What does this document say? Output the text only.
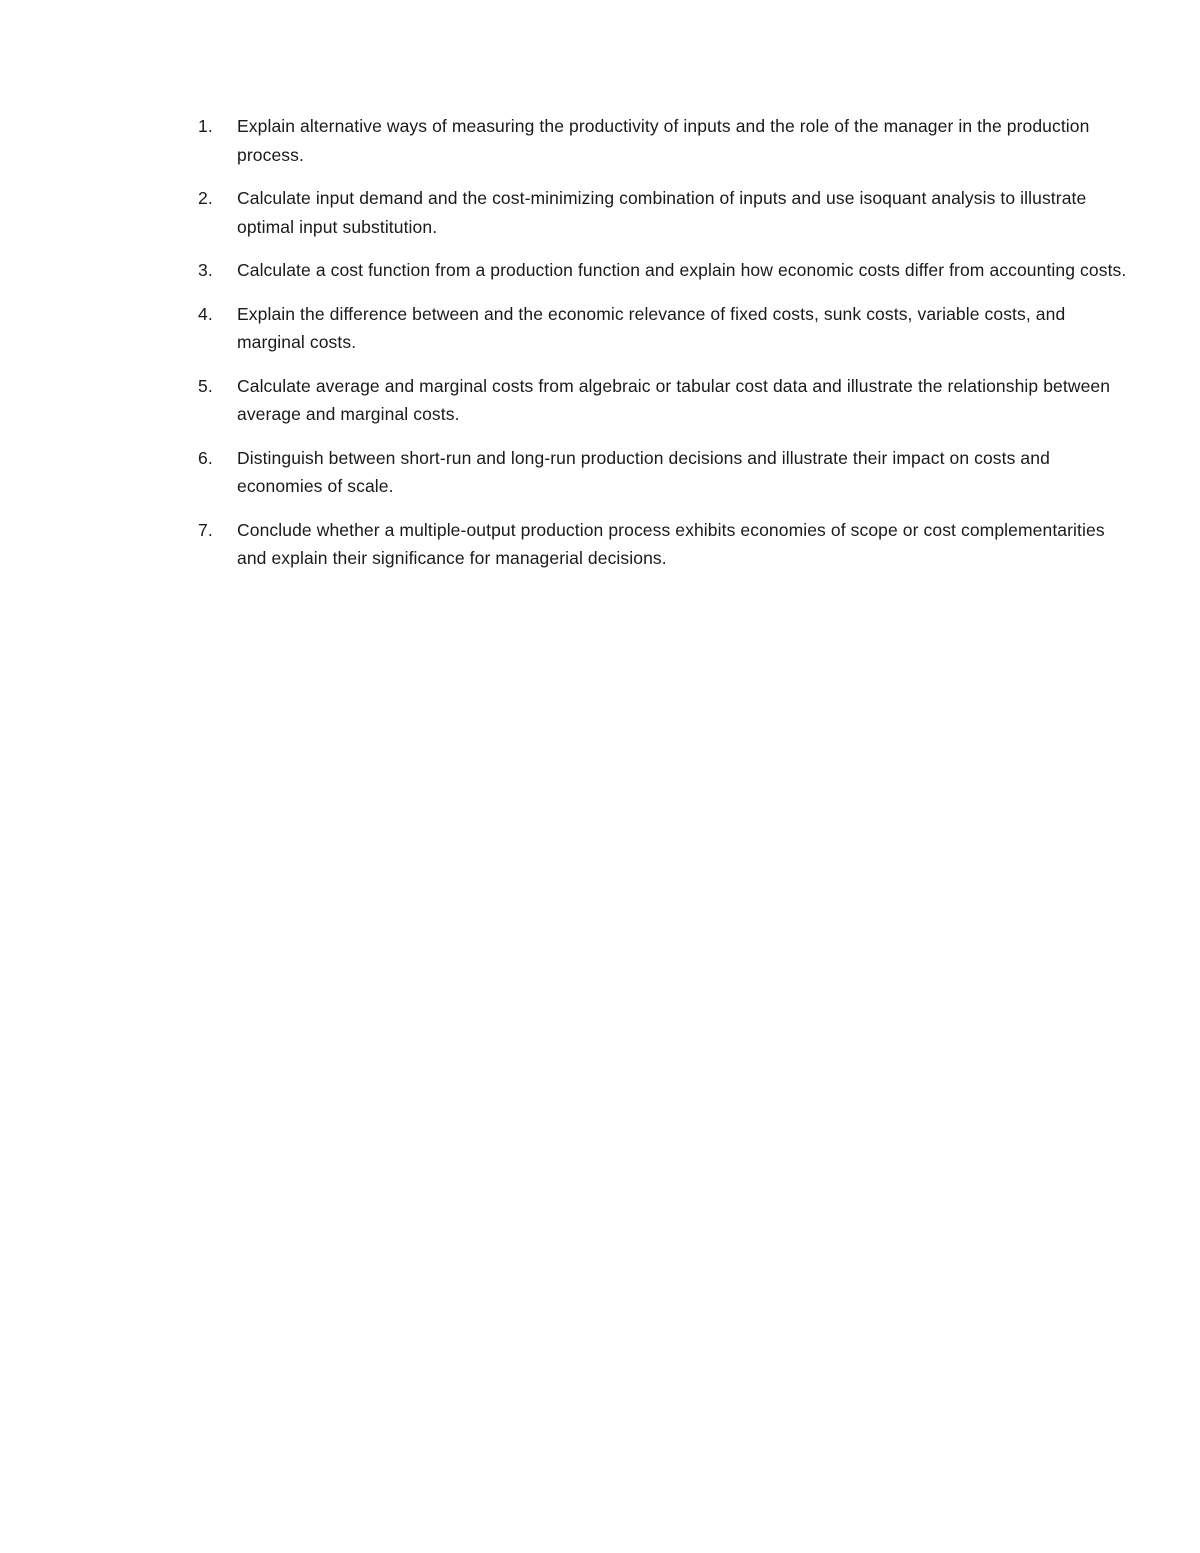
1.	Explain alternative ways of measuring the productivity of inputs and the role of the manager in the production process.
2.	Calculate input demand and the cost-minimizing combination of inputs and use isoquant analysis to illustrate optimal input substitution.
3.	Calculate a cost function from a production function and explain how economic costs differ from accounting costs.
4.	Explain the difference between and the economic relevance of fixed costs, sunk costs, variable costs, and marginal costs.
5.	Calculate average and marginal costs from algebraic or tabular cost data and illustrate the relationship between average and marginal costs.
6.	Distinguish between short-run and long-run production decisions and illustrate their impact on costs and economies of scale.
7.	Conclude whether a multiple-output production process exhibits economies of scope or cost complementarities and explain their significance for managerial decisions.
